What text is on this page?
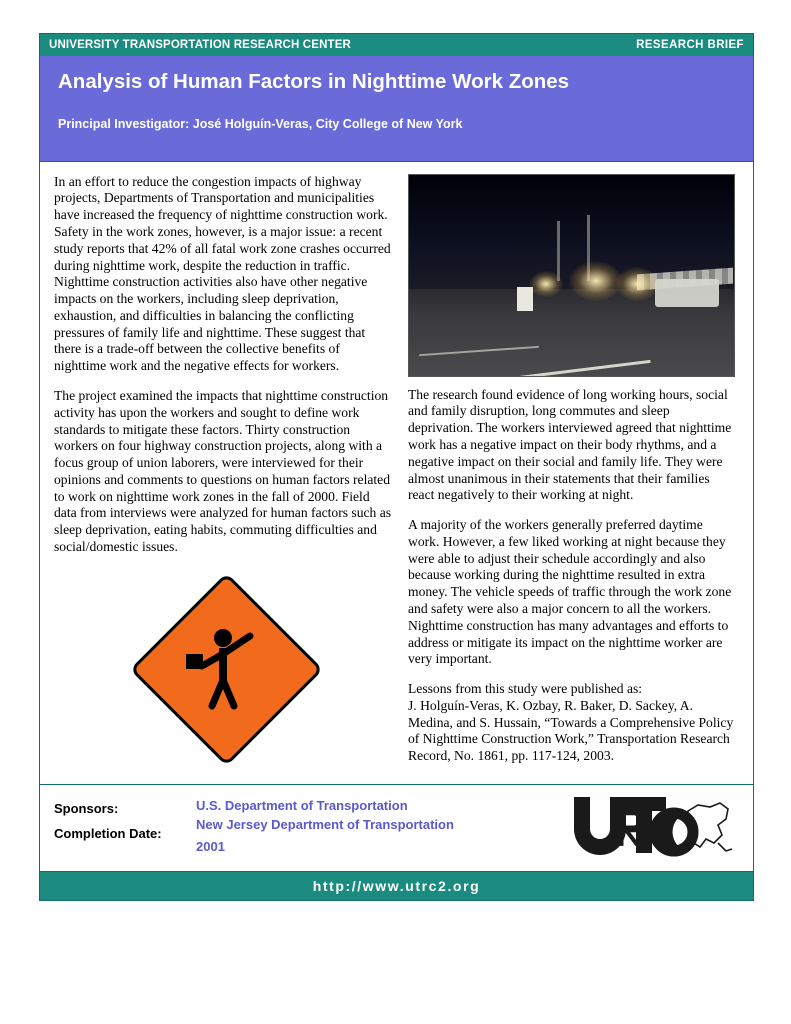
UNIVERSITY TRANSPORTATION RESEARCH CENTER	RESEARCH BRIEF
Analysis of Human Factors in Nighttime Work Zones

Principal Investigator: José Holguín-Veras, City College of New York

In an effort to reduce the congestion impacts of highway projects, Departments of Transportation and municipalities have increased the frequency of nighttime construction work. Safety in the work zones, however, is a major issue: a recent study reports that 42% of all fatal work zone crashes occurred during nighttime work, despite the reduction in traffic. Nighttime construction activities also have other negative impacts on the workers, including sleep deprivation, exhaustion, and difficulties in balancing the conflicting pressures of family life and nighttime. These suggest that there is a trade-off between the collective benefits of nighttime work and the negative effects for workers.

The project examined the impacts that nighttime construction activity has upon the workers and sought to define work standards to mitigate these factors. Thirty construction workers on four highway construction projects, along with a focus group of union laborers, were interviewed for their opinions and comments to questions on human factors related to work on nighttime work zones in the fall of 2000. Field data from interviews were analyzed for human factors such as sleep deprivation, eating habits, commuting difficulties and social/domestic issues.

The research found evidence of long working hours, social and family disruption, long commutes and sleep deprivation. The workers interviewed agreed that nighttime work has a negative impact on their body rhythms, and a negative impact on their social and family life. They were almost unanimous in their statements that their families react negatively to their working at night.

A majority of the workers generally preferred daytime work. However, a few liked working at night because they were able to adjust their schedule accordingly and also because working during the nighttime resulted in extra money. The vehicle speeds of traffic through the work zone and safety were also a major concern to all the workers. Nighttime construction has many advantages and efforts to address or mitigate its impact on the nighttime worker are very important.

Lessons from this study were published as:

J. Holguín-Veras, K. Ozbay, R. Baker, D. Sackey, A. Medina, and S. Hussain, “Towards a Comprehensive Policy of Nighttime Construction Work,” Transportation Research Record, No. 1861, pp. 117-124, 2003.

Sponsors:
Completion Date:
U.S. Department of Transportation
New Jersey Department of Transportation
2001
http://www.utrc2.org
